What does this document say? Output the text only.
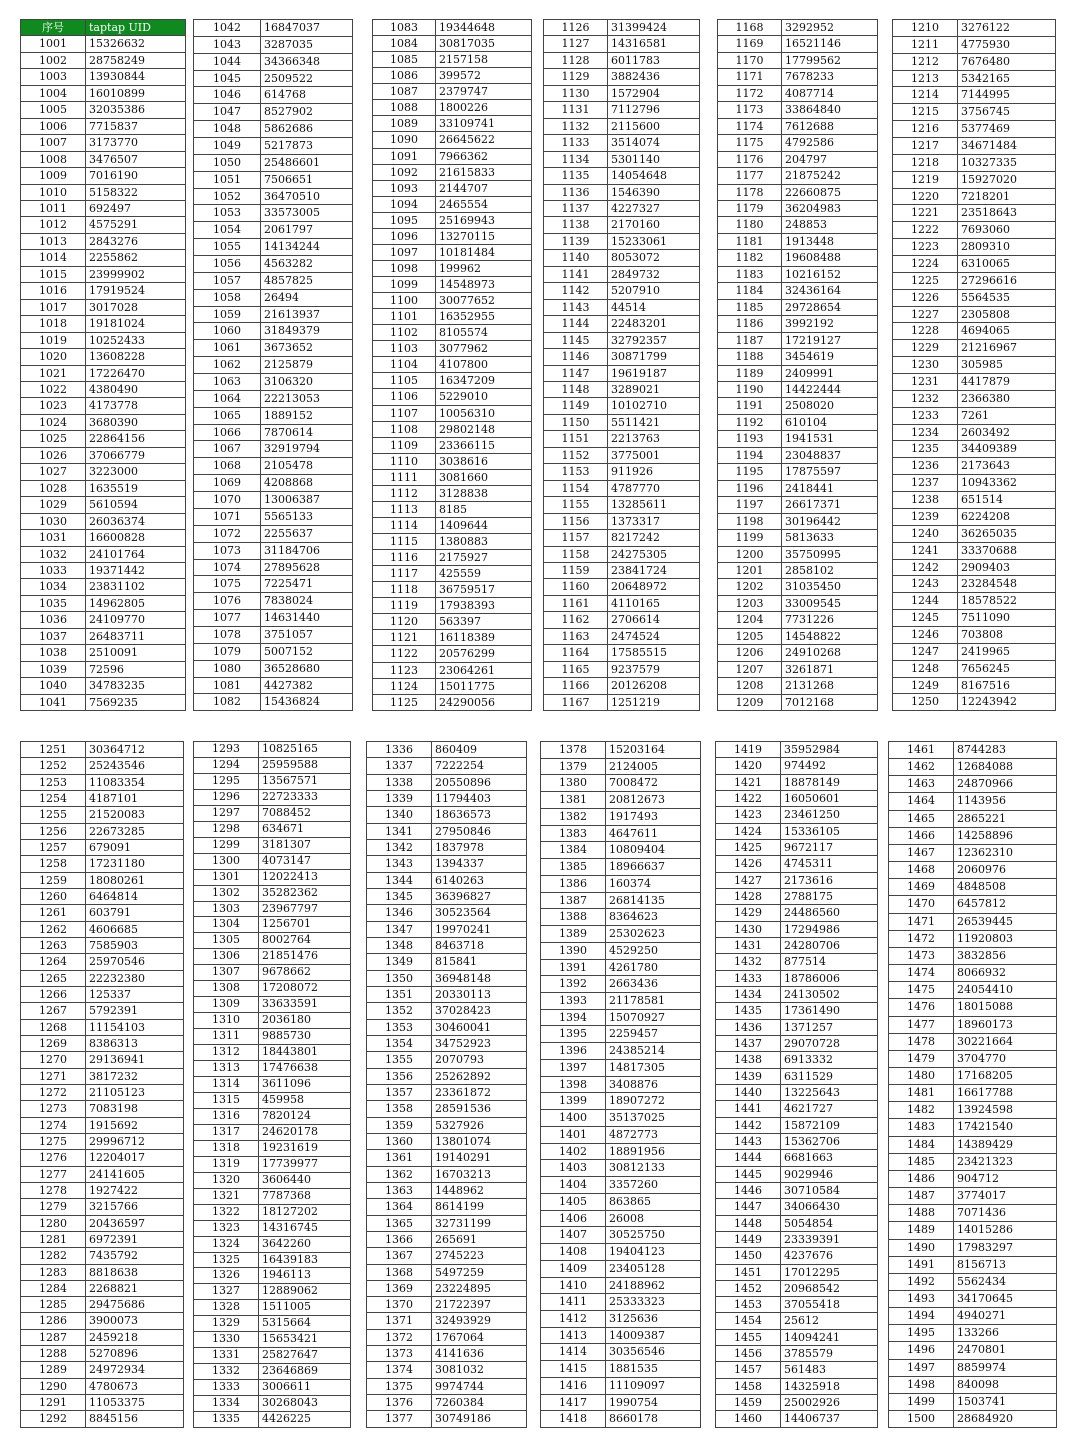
序号	taptap UID
1001	15326632
1002	28758249
1003	13930844
1004	16010899
1005	32035386
1006	7715837
1007	3173770
1008	3476507
1009	7016190
1010	5158322
1011	692497
1012	4575291
1013	2843276
1014	2255862
1015	23999902
1016	17919524
1017	3017028
1018	19181024
1019	10252433
1020	13608228
1021	17226470
1022	4380490
1023	4173778
1024	3680390
1025	22864156
1026	37066779
1027	3223000
1028	1635519
1029	5610594
1030	26036374
1031	16600828
1032	24101764
1033	19371442
1034	23831102
1035	14962805
1036	24109770
1037	26483711
1038	2510091
1039	72596
1040	34783235
1041	7569235
1042	16847037
1043	3287035
1044	34366348
1045	2509522
1046	614768
1047	8527902
1048	5862686
1049	5217873
1050	25486601
1051	7506651
1052	36470510
1053	33573005
1054	2061797
1055	14134244
1056	4563282
1057	4857825
1058	26494
1059	21613937
1060	31849379
1061	3673652
1062	2125879
1063	3106320
1064	22213053
1065	1889152
1066	7870614
1067	32919794
1068	2105478
1069	4208868
1070	13006387
1071	5565133
1072	2255637
1073	31184706
1074	27895628
1075	7225471
1076	7838024
1077	14631440
1078	3751057
1079	5007152
1080	36528680
1081	4427382
1082	15436824
1083	19344648
1084	30817035
1085	2157158
1086	399572
1087	2379747
1088	1800226
1089	33109741
1090	26645622
1091	7966362
1092	21615833
1093	2144707
1094	2465554
1095	25169943
1096	13270115
1097	10181484
1098	199962
1099	14548973
1100	30077652
1101	16352955
1102	8105574
1103	3077962
1104	4107800
1105	16347209
1106	5229010
1107	10056310
1108	29802148
1109	23366115
1110	3038616
1111	3081660
1112	3128838
1113	8185
1114	1409644
1115	1380883
1116	2175927
1117	425559
1118	36759517
1119	17938393
1120	563397
1121	16118389
1122	20576299
1123	23064261
1124	15011775
1125	24290056
1126	31399424
1127	14316581
1128	6011783
1129	3882436
1130	1572904
1131	7112796
1132	2115600
1133	3514074
1134	5301140
1135	14054648
1136	1546390
1137	4227327
1138	2170160
1139	15233061
1140	8053072
1141	2849732
1142	5207910
1143	44514
1144	22483201
1145	32792357
1146	30871799
1147	19619187
1148	3289021
1149	10102710
1150	5511421
1151	2213763
1152	3775001
1153	911926
1154	4787770
1155	13285611
1156	1373317
1157	8217242
1158	24275305
1159	23841724
1160	20648972
1161	4110165
1162	2706614
1163	2474524
1164	17585515
1165	9237579
1166	20126208
1167	1251219
1168	3292952
1169	16521146
1170	17799562
1171	7678233
1172	4087714
1173	33864840
1174	7612688
1175	4792586
1176	204797
1177	21875242
1178	22660875
1179	36204983
1180	248853
1181	1913448
1182	19608488
1183	10216152
1184	32436164
1185	29728654
1186	3992192
1187	17219127
1188	3454619
1189	2409991
1190	14422444
1191	2508020
1192	610104
1193	1941531
1194	23048837
1195	17875597
1196	2418441
1197	26617371
1198	30196442
1199	5813633
1200	35750995
1201	2858102
1202	31035450
1203	33009545
1204	7731226
1205	14548822
1206	24910268
1207	3261871
1208	2131268
1209	7012168
1210	3276122
1211	4775930
1212	7676480
1213	5342165
1214	7144995
1215	3756745
1216	5377469
1217	34671484
1218	10327335
1219	15927020
1220	7218201
1221	23518643
1222	7693060
1223	2809310
1224	6310065
1225	27296616
1226	5564535
1227	2305808
1228	4694065
1229	21216967
1230	305985
1231	4417879
1232	2366380
1233	7261
1234	2603492
1235	34409389
1236	2173643
1237	10943362
1238	651514
1239	6224208
1240	36265035
1241	33370688
1242	2909403
1243	23284548
1244	18578522
1245	7511090
1246	703808
1247	2419965
1248	7656245
1249	8167516
1250	12243942
1251	30364712
1252	25243546
1253	11083354
1254	4187101
1255	21520083
1256	22673285
1257	679091
1258	17231180
1259	18080261
1260	6464814
1261	603791
1262	4606685
1263	7585903
1264	25970546
1265	22232380
1266	125337
1267	5792391
1268	11154103
1269	8386313
1270	29136941
1271	3817232
1272	21105123
1273	7083198
1274	1915692
1275	29996712
1276	12204017
1277	24141605
1278	1927422
1279	3215766
1280	20436597
1281	6972391
1282	7435792
1283	8818638
1284	2268821
1285	29475686
1286	3900073
1287	2459218
1288	5270896
1289	24972934
1290	4780673
1291	11053375
1292	8845156
1293	10825165
1294	25959588
1295	13567571
1296	22723333
1297	7088452
1298	634671
1299	3181307
1300	4073147
1301	12022413
1302	35282362
1303	23967797
1304	1256701
1305	8002764
1306	21851476
1307	9678662
1308	17208072
1309	33633591
1310	2036180
1311	9885730
1312	18443801
1313	17476638
1314	3611096
1315	459958
1316	7820124
1317	24620178
1318	19231619
1319	17739977
1320	3606440
1321	7787368
1322	18127202
1323	14316745
1324	3642260
1325	16439183
1326	1946113
1327	12889062
1328	1511005
1329	5315664
1330	15653421
1331	25827647
1332	23646869
1333	3006611
1334	30268043
1335	4426225
1336	860409
1337	7222254
1338	20550896
1339	11794403
1340	18636573
1341	27950846
1342	1837978
1343	1394337
1344	6140263
1345	36396827
1346	30523564
1347	19970241
1348	8463718
1349	815841
1350	36948148
1351	20330113
1352	37028423
1353	30460041
1354	34752923
1355	2070793
1356	25262892
1357	23361872
1358	28591536
1359	5327926
1360	13801074
1361	19140291
1362	16703213
1363	1448962
1364	8614199
1365	32731199
1366	265691
1367	2745223
1368	5497259
1369	23224895
1370	21722397
1371	32493929
1372	1767064
1373	4141636
1374	3081032
1375	9974744
1376	7260384
1377	30749186
1378	15203164
1379	2124005
1380	7008472
1381	20812673
1382	1917493
1383	4647611
1384	10809404
1385	18966637
1386	160374
1387	26814135
1388	8364623
1389	25302623
1390	4529250
1391	4261780
1392	2663436
1393	21178581
1394	15070927
1395	2259457
1396	24385214
1397	14817305
1398	3408876
1399	18907272
1400	35137025
1401	4872773
1402	18891956
1403	30812133
1404	3357260
1405	863865
1406	26008
1407	30525750
1408	19404123
1409	23405128
1410	24188962
1411	25333323
1412	3125636
1413	14009387
1414	30356546
1415	1881535
1416	11109097
1417	1990754
1418	8660178
1419	35952984
1420	974492
1421	18878149
1422	16050601
1423	23461250
1424	15336105
1425	9672117
1426	4745311
1427	2173616
1428	2788175
1429	24486560
1430	17294986
1431	24280706
1432	877514
1433	18786006
1434	24130502
1435	17361490
1436	1371257
1437	29070728
1438	6913332
1439	6311529
1440	13225643
1441	4621727
1442	15872109
1443	15362706
1444	6681663
1445	9029946
1446	30710584
1447	34066430
1448	5054854
1449	23339391
1450	4237676
1451	17012295
1452	20968542
1453	37055418
1454	25612
1455	14094241
1456	3785579
1457	561483
1458	14325918
1459	25002926
1460	14406737
1461	8744283
1462	12684088
1463	24870966
1464	1143956
1465	2865221
1466	14258896
1467	12362310
1468	2060976
1469	4848508
1470	6457812
1471	26539445
1472	11920803
1473	3832856
1474	8066932
1475	24054410
1476	18015088
1477	18960173
1478	30221664
1479	3704770
1480	17168205
1481	16617788
1482	13924598
1483	17421540
1484	14389429
1485	23421323
1486	904712
1487	3774017
1488	7071436
1489	14015286
1490	17983297
1491	8156713
1492	5562434
1493	34170645
1494	4940271
1495	133266
1496	2470801
1497	8859974
1498	840098
1499	1503741
1500	28684920
